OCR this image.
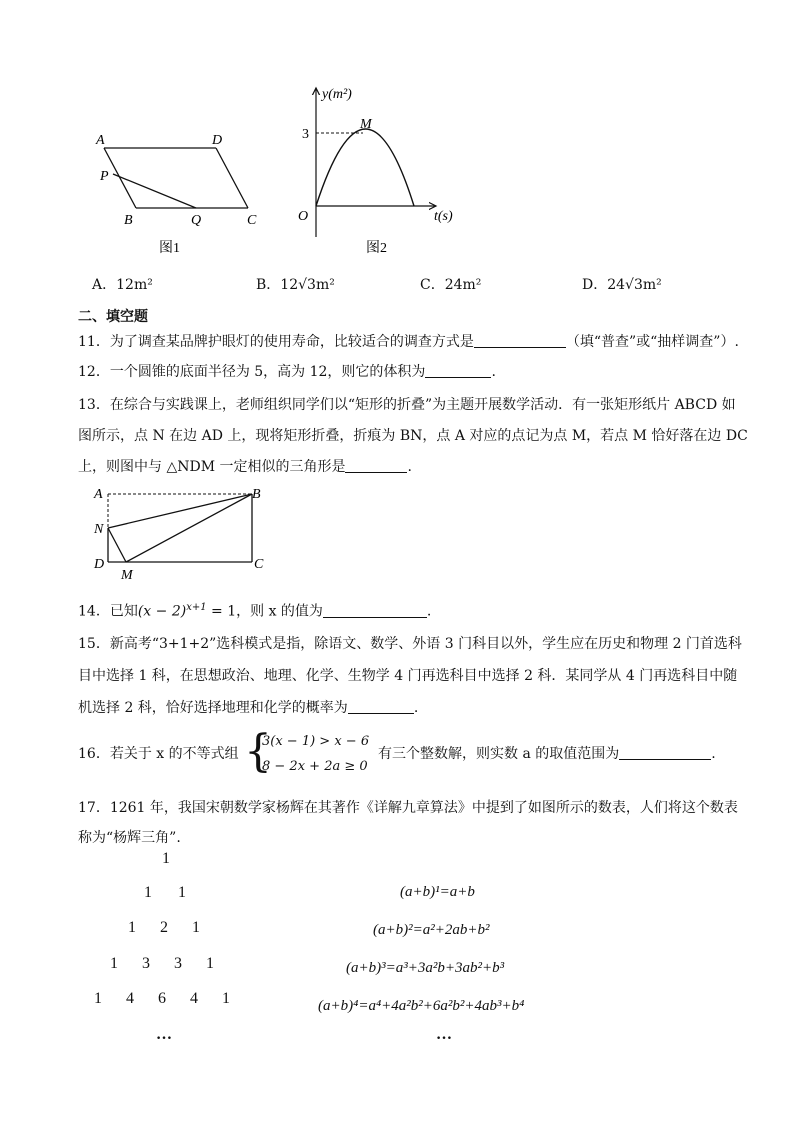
A	D
P
B	Q	C
图1
y(m²)
t(s)
O
M
3
图2
A．12m²	B．12√3m²	C．24m²	D．24√3m²
二、填空题
11．为了调查某品牌护眼灯的使用寿命，比较适合的调查方式是	（填“普查”或“抽样调查”）.
12．一个圆锥的底面半径为 5，高为 12，则它的体积为	.
13．在综合与实践课上，老师组织同学们以“矩形的折叠”为主题开展数学活动．有一张矩形纸片 ABCD 如
图所示，点 N 在边 AD 上，现将矩形折叠，折痕为 BN，点 A 对应的点记为点 M，若点 M 恰好落在边 DC
上，则图中与 △NDM 一定相似的三角形是	.
A	B
N
D
M
C
14．已知$(x - 2)^{x+1} = 1$，则 x 的值为	.
15．新高考“3+1+2”选科模式是指，除语文、数学、外语 3 门科目以外，学生应在历史和物理 2 门首选科
目中选择 1 科，在思想政治、地理、化学、生物学 4 门再选科目中选择 2 科．某同学从 4 门再选科目中随
机选择 2 科，恰好选择地理和化学的概率为	.
16．若关于 x 的不等式组 {
3(x − 1) > x − 6
8 − 2x + 2a ≥ 0
有三个整数解，则实数 a 的取值范围为	.
17．1261 年，我国宋朝数学家杨辉在其著作《详解九章算法》中提到了如图所示的数表，人们将这个数表
称为“杨辉三角”.
1
1 1
1 2 1
1 3 3 1
1 4 6 4 1
…
(a+b)¹=a+b
(a+b)²=a²+2ab+b²
(a+b)³=a³+3a²b+3ab²+b³
(a+b)⁴=a⁴+4a²b²+6a²b²+4ab³+b⁴
…
